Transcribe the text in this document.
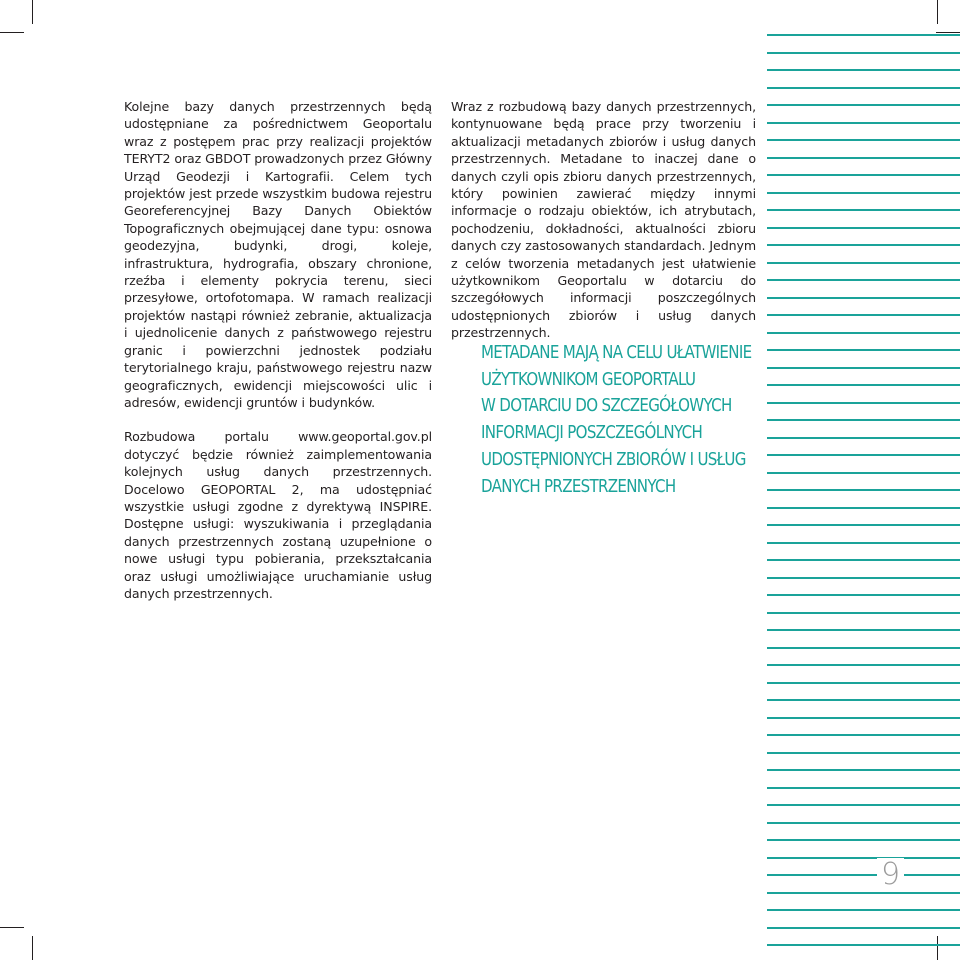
Kolejne bazy danych przestrzennych będą udostępniane za pośrednictwem Geoportalu wraz z postępem prac przy realizacji projektów TERYT2 oraz GBDOT prowadzonych przez Główny Urząd Geodezji i Kartografii. Celem tych projektów jest przede wszystkim budowa rejestru Georeferencyjnej Bazy Danych Obiektów Topograficznych obejmującej dane typu: osnowa geodezyjna, budynki, drogi, koleje, infrastruktura, hydrografia, obszary chronione, rzeźba i elementy pokrycia terenu, sieci przesyłowe, ortofotomapa. W ramach realizacji projektów nastąpi również zebranie, aktualizacja i ujednolicenie danych z państwowego rejestru granic i powierzchni jednostek podziału terytorialnego kraju, państwowego rejestru nazw geograficznych, ewidencji miejscowości ulic i adresów, ewidencji gruntów i budynków.

Rozbudowa portalu www.geoportal.gov.pl dotyczyć będzie również zaimplementowania kolejnych usług danych przestrzennych. Docelowo GEOPORTAL 2, ma udostępniać wszystkie usługi zgodne z dyrektywą INSPIRE. Dostępne usługi: wyszukiwania i przeglądania danych przestrzennych zostaną uzupełnione o nowe usługi typu pobierania, przekształcania oraz usługi umożliwiające uruchamianie usług danych przestrzennych.

Wraz z rozbudową bazy danych przestrzennych, kontynuowane będą prace przy tworzeniu i aktualizacji metadanych zbiorów i usług danych przestrzennych. Metadane to inaczej dane o danych czyli opis zbioru danych przestrzennych, który powinien zawierać między innymi informacje o rodzaju obiektów, ich atrybutach, pochodzeniu, dokładności, aktualności zbioru danych czy zastosowanych standardach. Jednym z celów tworzenia metadanych jest ułatwienie użytkownikom Geoportalu w dotarciu do szczegółowych informacji poszczególnych udostępnionych zbiorów i usług danych przestrzennych.

METADANE MAJĄ NA CELU UŁATWIENIE
UŻYTKOWNIKOM GEOPORTALU
W DOTARCIU DO SZCZEGÓŁOWYCH
INFORMACJI POSZCZEGÓLNYCH
UDOSTĘPNIONYCH ZBIORÓW I USŁUG
DANYCH PRZESTRZENNYCH
9
